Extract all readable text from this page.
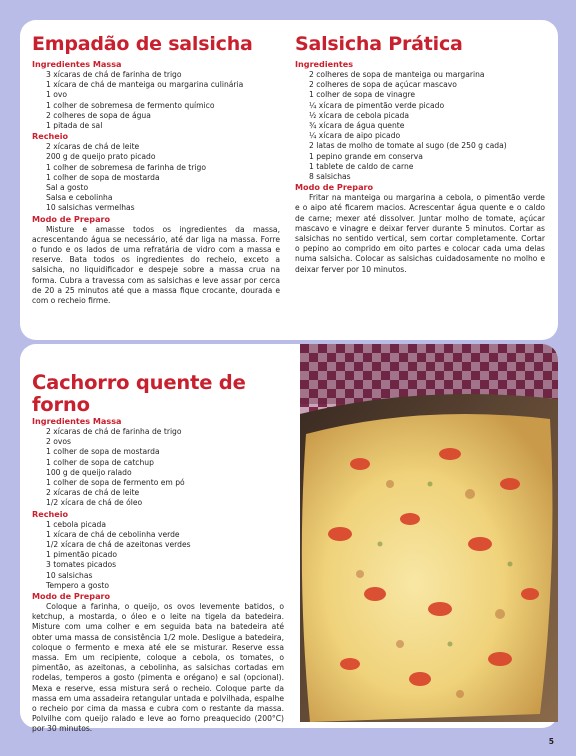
Empadão de salsicha
Ingredientes Massa
3 xícaras de chá de farinha de trigo
1 xícara de chá de manteiga ou margarina culinária
1 ovo
1 colher de sobremesa de fermento químico
2 colheres de sopa de água
1 pitada de sal
Recheio
2 xícaras de chá de leite
200 g de queijo prato picado
1 colher de sobremesa de farinha de trigo
1 colher de sopa de mostarda
Sal a gosto
Salsa e cebolinha
10 salsichas vermelhas
Modo de Preparo

Misture e amasse todos os ingredientes da massa, acrescentando água se necessário, até dar liga na massa. Forre o fundo e os lados de uma refratária de vidro com a massa e reserve. Bata todos os ingredientes do recheio, exceto a salsicha, no liquidificador e despeje sobre a massa crua na forma. Cubra a travessa com as salsichas e leve assar por cerca de 20 a 25 minutos até que a massa fique crocante, dourada e com o recheio firme.

Salsicha Prática
Ingredientes
2 colheres de sopa de manteiga ou margarina
2 colheres de sopa de açúcar mascavo
1 colher de sopa de vinagre
¼ xícara de pimentão verde picado
½ xícara de cebola picada
¾ xícara de água quente
¼ xícara de aipo picado
2 latas de molho de tomate al sugo (de 250 g cada)
1 pepino grande em conserva
1 tablete de caldo de carne
8 salsichas
Modo de Preparo

Fritar na manteiga ou margarina a cebola, o pimentão verde e o aipo até ficarem macios. Acrescentar água quente e o caldo de carne; mexer até dissolver. Juntar molho de tomate, açúcar mascavo e vinagre e deixar ferver durante 5 minutos. Cortar as salsichas no sentido vertical, sem cortar completamente. Cortar o pepino ao comprido em oito partes e colocar cada uma delas numa salsicha. Colocar as salsichas cuidadosamente no molho e deixar ferver por 10 minutos.

Cachorro quente de forno
Ingredientes Massa
2 xícaras de chá de farinha de trigo
2 ovos
1 colher de sopa de mostarda
1 colher de sopa de catchup
100 g de queijo ralado
1 colher de sopa de fermento em pó
2 xícaras de chá de leite
1/2 xícara de chá de óleo
Recheio
1 cebola picada
1 xícara de chá de cebolinha verde
1/2 xícara de chá de azeitonas verdes
1 pimentão picado
3 tomates picados
10 salsichas
Tempero a gosto
Modo de Preparo

Coloque a farinha, o queijo, os ovos levemente batidos, o ketchup, a mostarda, o óleo e o leite na tigela da batedeira. Misture com uma colher e em seguida bata na batedeira até obter uma massa de consistência 1/2 mole. Desligue a batedeira, coloque o fermento e mexa até ele se misturar. Reserve essa massa. Em um recipiente, coloque a cebola, os tomates, o pimentão, as azeitonas, a cebolinha, as salsichas cortadas em rodelas, temperos a gosto (pimenta e orégano) e sal (opcional). Mexa e reserve, essa mistura será o recheio. Coloque parte da massa em uma assadeira retangular untada e polvilhada, espalhe o recheio por cima da massa e cubra com o restante da massa. Polvilhe com queijo ralado e leve ao forno preaquecido (200°C) por 30 minutos.

5
